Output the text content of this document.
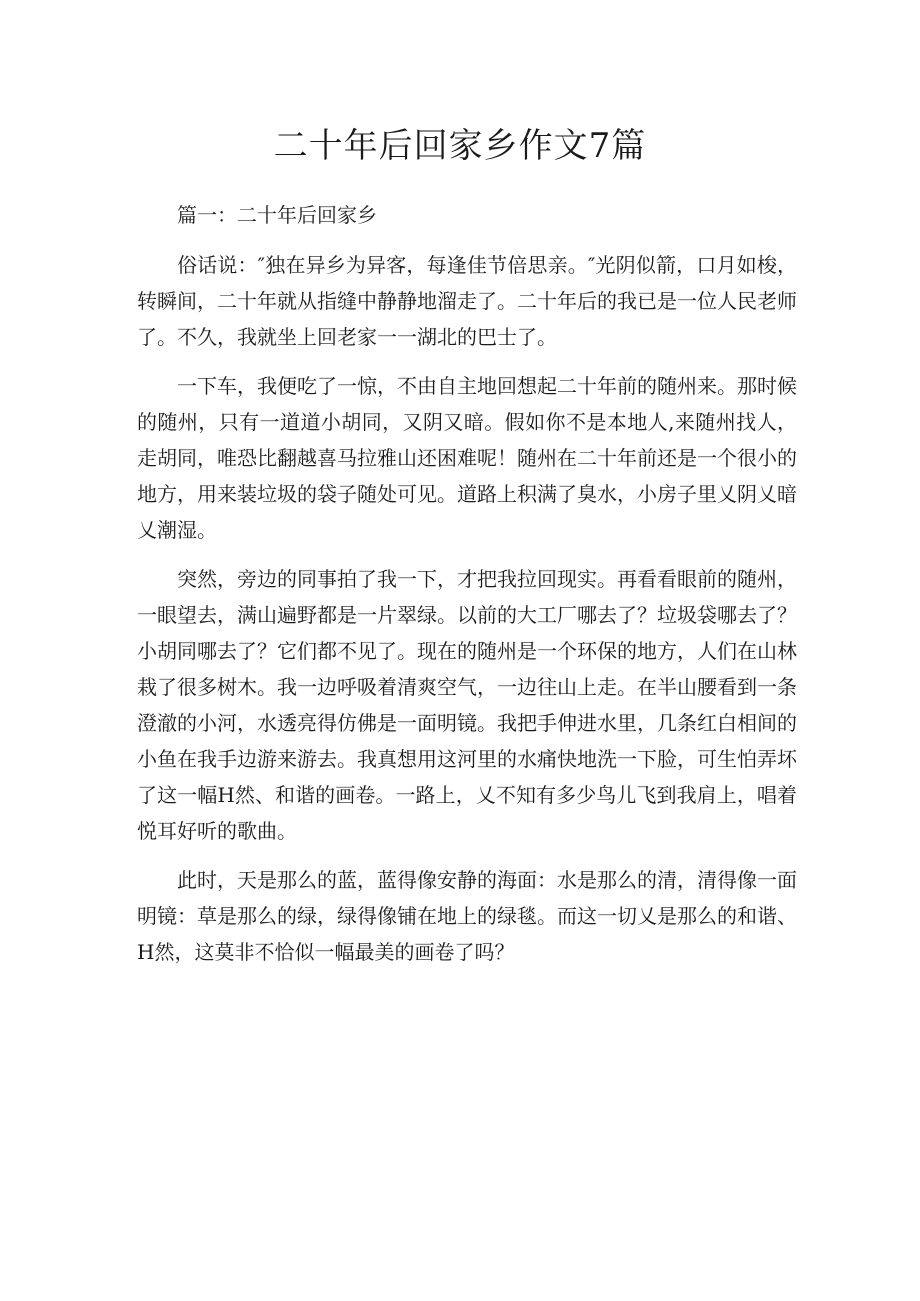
二十年后回家乡作文7篇

篇一：二十年后回家乡

俗话说：″独在异乡为异客，每逢佳节倍思亲。″光阴似箭，口月如梭，转瞬间，二十年就从指缝中静静地溜走了。二十年后的我已是一位人民老师了。不久，我就坐上回老家一一湖北的巴士了。

一下车，我便吃了一惊，不由自主地回想起二十年前的随州来。那时候的随州，只有一道道小胡同，又阴又暗。假如你不是本地人,来随州找人，走胡同，唯恐比翻越喜马拉雅山还困难呢！随州在二十年前还是一个很小的地方，用来装垃圾的袋子随处可见。道路上积满了臭水，小房子里乂阴乂暗乂潮湿。

突然，旁边的同事拍了我一下，才把我拉回现实。再看看眼前的随州，一眼望去，满山遍野都是一片翠绿。以前的大工厂哪去了？垃圾袋哪去了？小胡同哪去了？它们都不见了。现在的随州是一个环保的地方，人们在山林栽了很多树木。我一边呼吸着清爽空气，一边往山上走。在半山腰看到一条澄澈的小河，水透亮得仿佛是一面明镜。我把手伸进水里，几条红白相间的小鱼在我手边游来游去。我真想用这河里的水痛快地洗一下脸，可生怕弄坏了这一幅H然、和谐的画卷。一路上，乂不知有多少鸟儿飞到我肩上，唱着悦耳好听的歌曲。

此时，天是那么的蓝，蓝得像安静的海面：水是那么的清，清得像一面明镜：草是那么的绿，绿得像铺在地上的绿毯。而这一切乂是那么的和谐、H然，这莫非不恰似一幅最美的画卷了吗？
